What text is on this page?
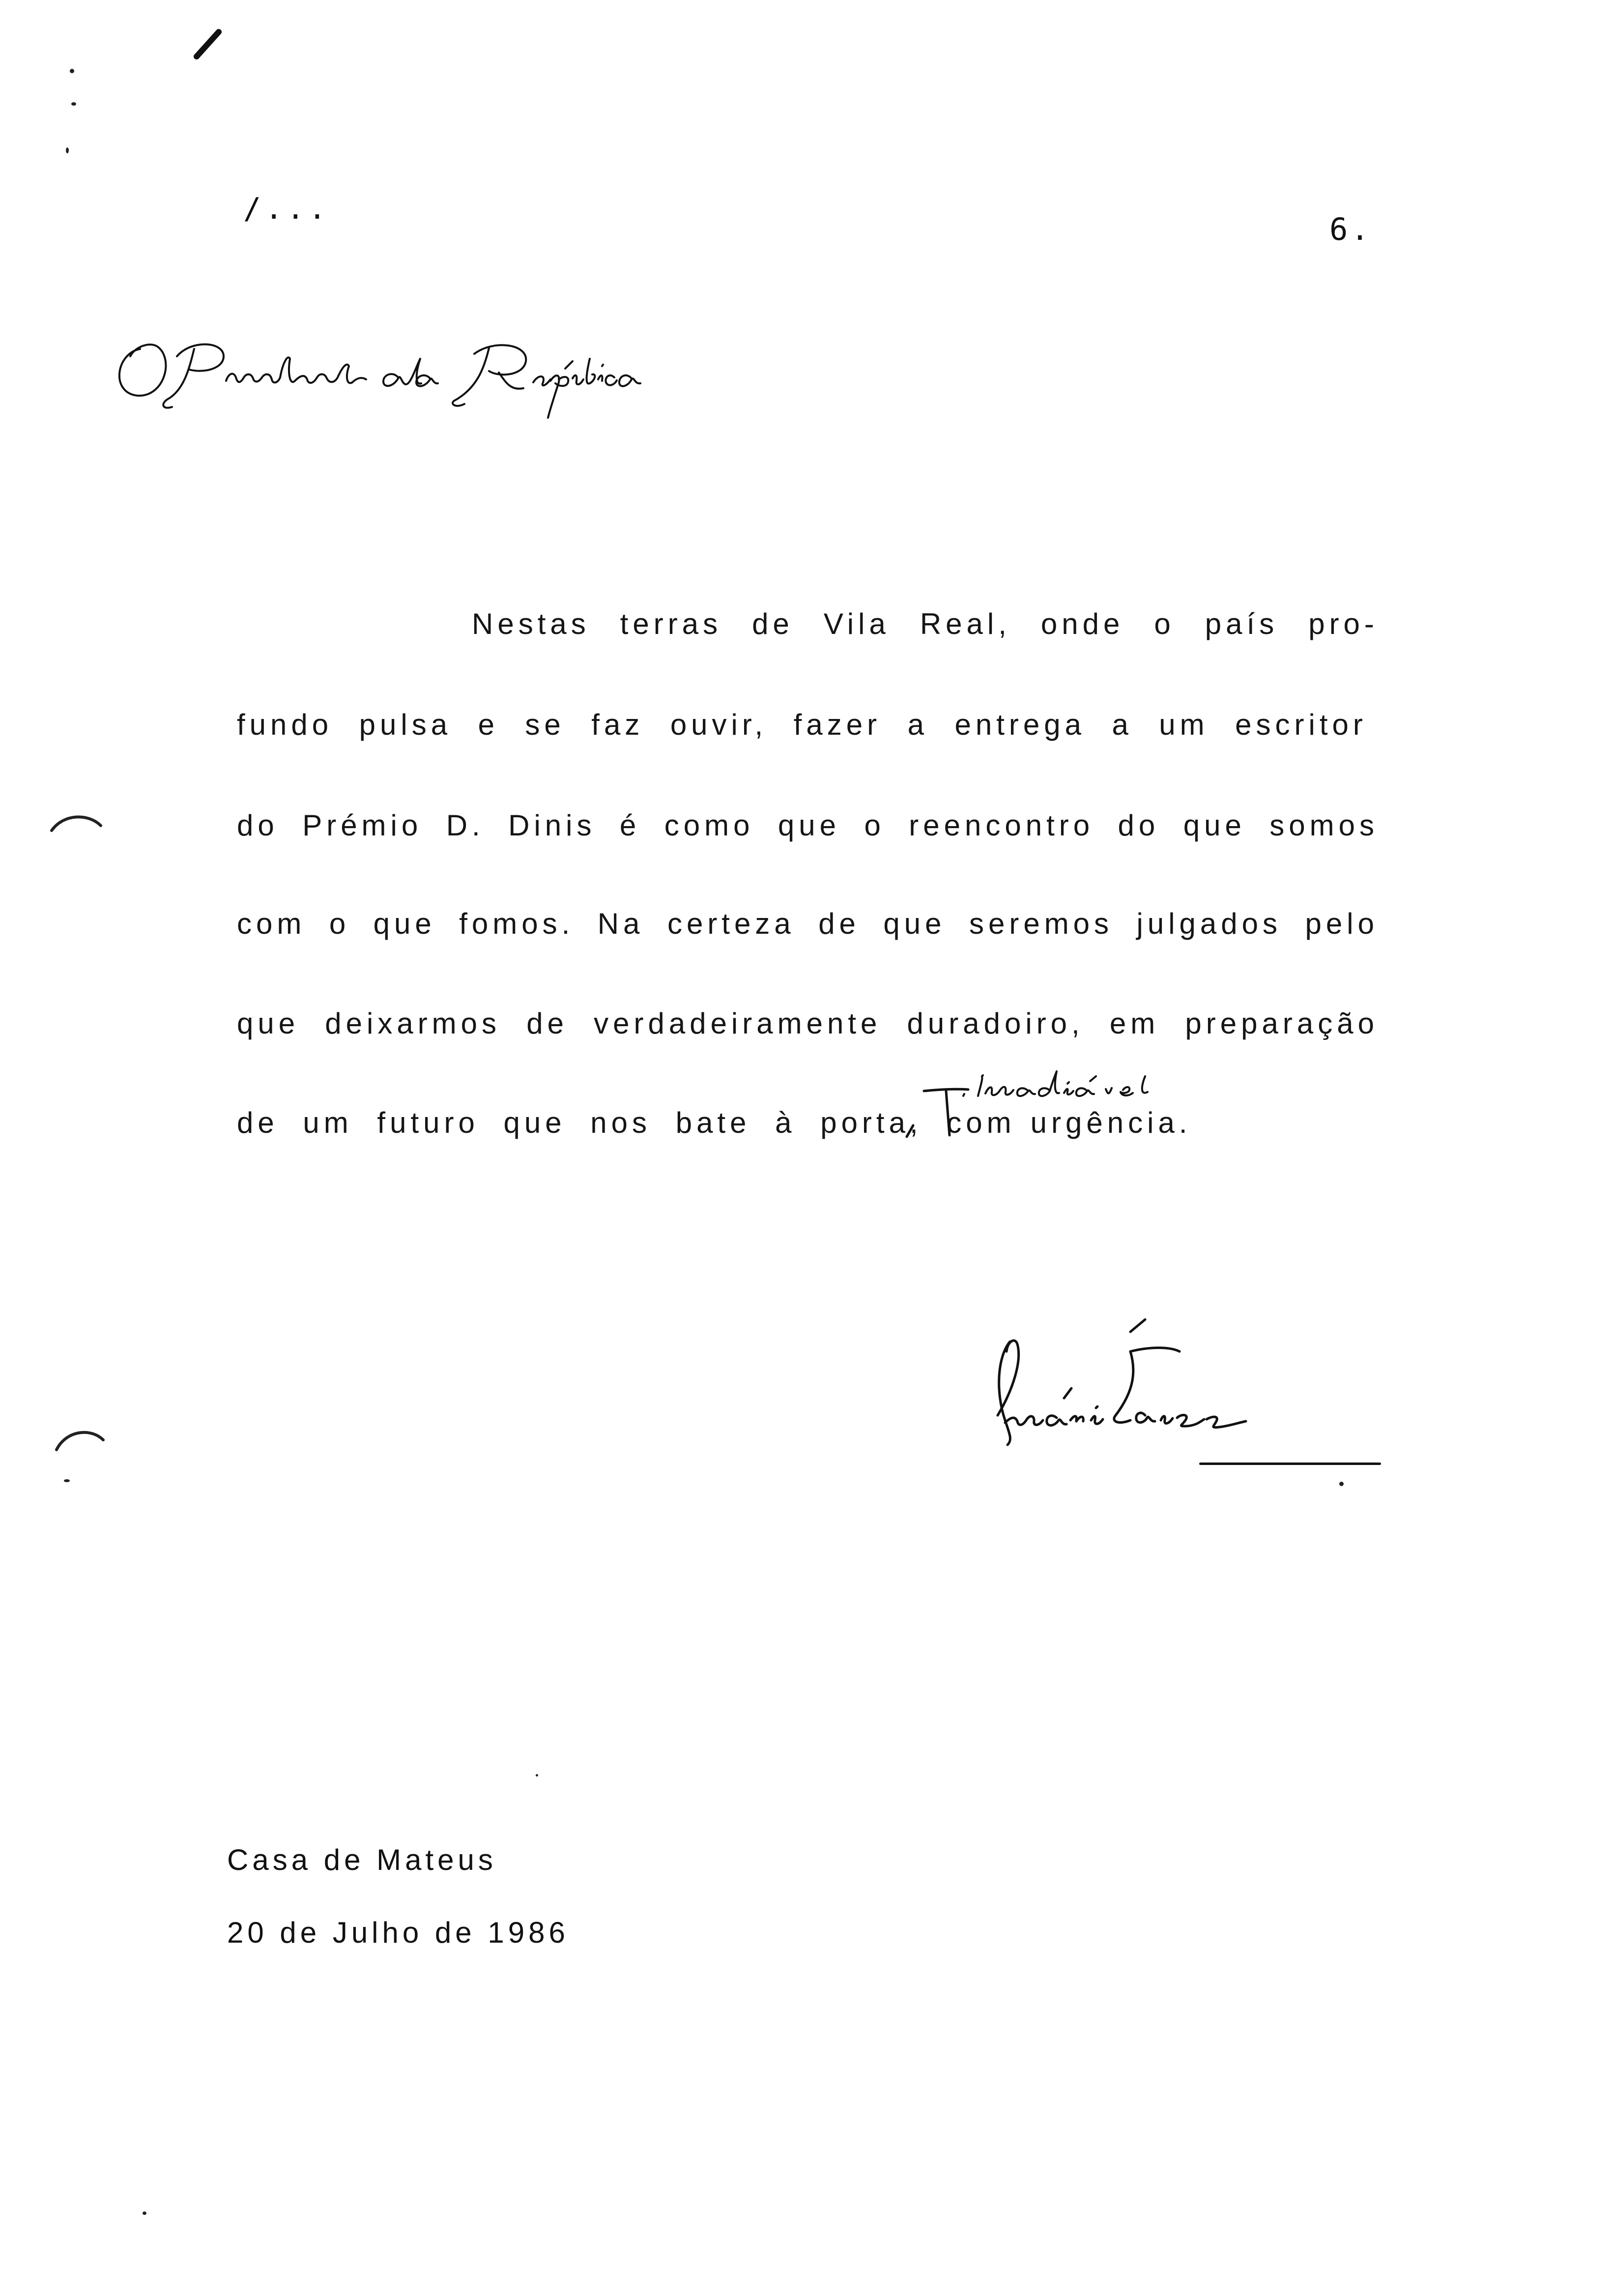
/...
6.
Nestas terras de Vila Real, onde o país pro-
fundo pulsa e se faz ouvir, fazer a entrega a um escritor
do Prémio D. Dinis é como que o reencontro do que somos
com o que fomos. Na certeza de que seremos julgados pelo
que deixarmos de verdadeiramente duradoiro, em preparação
de um futuro que nos bate à porta, com urgência.
Casa de Mateus
20 de Julho de 1986
